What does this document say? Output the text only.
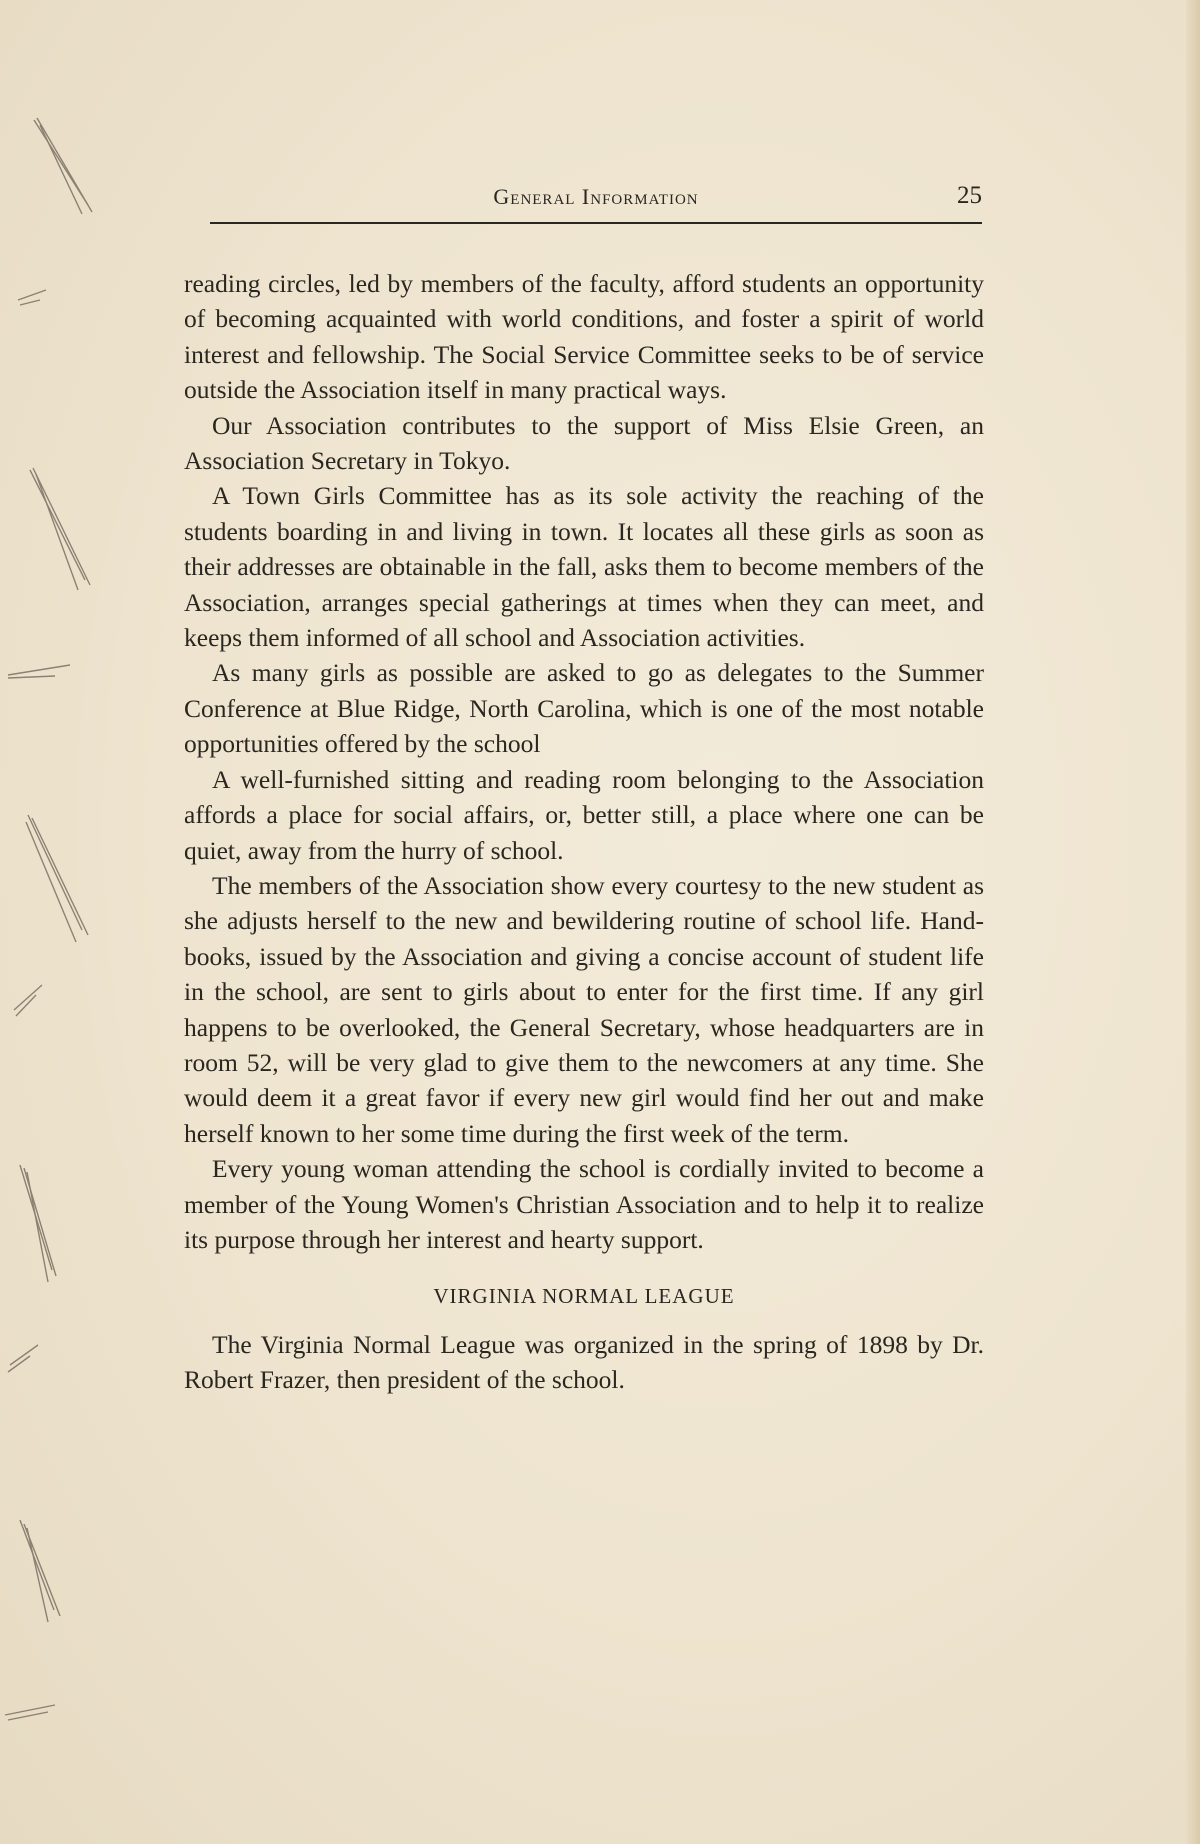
General Information	25

reading circles, led by members of the faculty, afford students an opportunity of becoming acquainted with world conditions, and foster a spirit of world interest and fellowship. The Social Service Committee seeks to be of service outside the Association itself in many practical ways.

Our Association contributes to the support of Miss Elsie Green, an Association Secretary in Tokyo.

A Town Girls Committee has as its sole activity the reaching of the students boarding in and living in town. It locates all these girls as soon as their addresses are obtainable in the fall, asks them to become members of the Association, arranges special gatherings at times when they can meet, and keeps them informed of all school and Association activities.

As many girls as possible are asked to go as delegates to the Summer Conference at Blue Ridge, North Carolina, which is one of the most notable opportunities offered by the school

A well-furnished sitting and reading room belonging to the Association affords a place for social affairs, or, better still, a place where one can be quiet, away from the hurry of school.

The members of the Association show every courtesy to the new student as she adjusts herself to the new and bewildering routine of school life. Hand-books, issued by the Association and giving a concise account of student life in the school, are sent to girls about to enter for the first time. If any girl happens to be overlooked, the General Secretary, whose headquarters are in room 52, will be very glad to give them to the newcomers at any time. She would deem it a great favor if every new girl would find her out and make herself known to her some time during the first week of the term.

Every young woman attending the school is cordially invited to become a member of the Young Women's Christian Association and to help it to realize its purpose through her interest and hearty support.

VIRGINIA NORMAL LEAGUE

The Virginia Normal League was organized in the spring of 1898 by Dr. Robert Frazer, then president of the school.
